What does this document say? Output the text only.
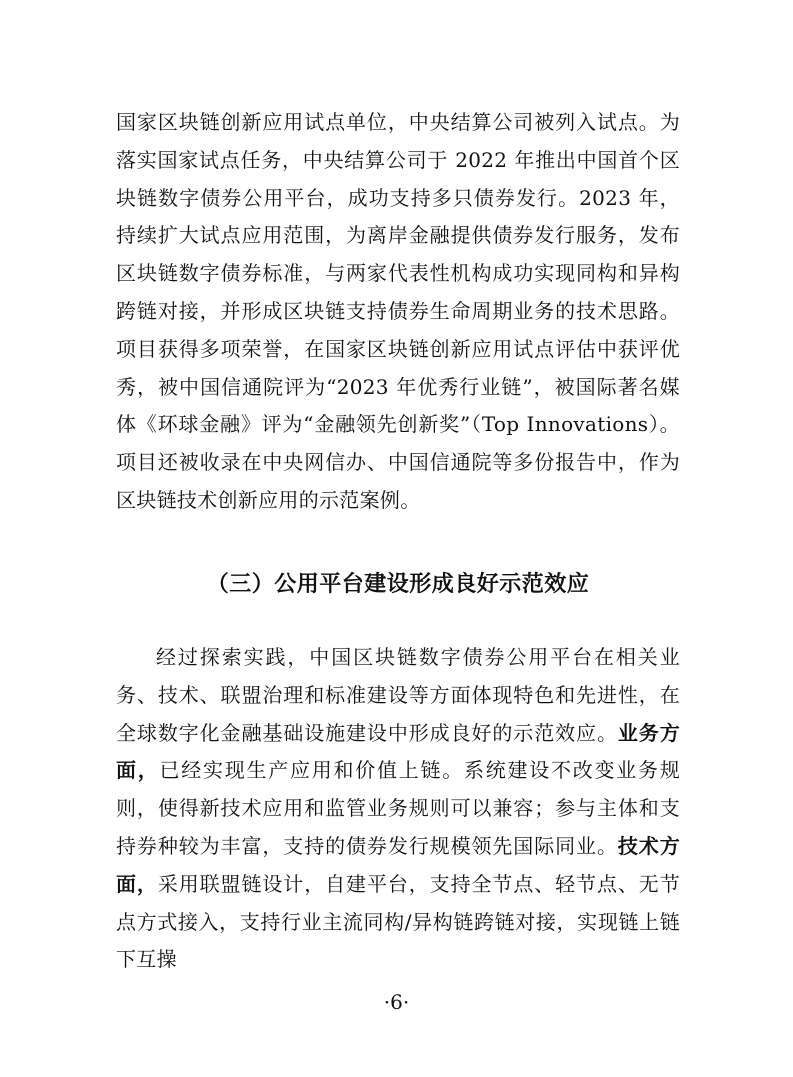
国家区块链创新应用试点单位，中央结算公司被列入试点。为落实国家试点任务，中央结算公司于 2022 年推出中国首个区块链数字债券公用平台，成功支持多只债券发行。2023 年，持续扩大试点应用范围，为离岸金融提供债券发行服务，发布区块链数字债券标准，与两家代表性机构成功实现同构和异构跨链对接，并形成区块链支持债券生命周期业务的技术思路。项目获得多项荣誉，在国家区块链创新应用试点评估中获评优秀，被中国信通院评为“2023 年优秀行业链”，被国际著名媒体《环球金融》评为“金融领先创新奖”（Top Innovations）。项目还被收录在中央网信办、中国信通院等多份报告中，作为区块链技术创新应用的示范案例。

（三）公用平台建设形成良好示范效应

经过探索实践，中国区块链数字债券公用平台在相关业务、技术、联盟治理和标准建设等方面体现特色和先进性，在全球数字化金融基础设施建设中形成良好的示范效应。业务方面，已经实现生产应用和价值上链。系统建设不改变业务规则，使得新技术应用和监管业务规则可以兼容；参与主体和支持券种较为丰富，支持的债券发行规模领先国际同业。技术方面，采用联盟链设计，自建平台，支持全节点、轻节点、无节点方式接入，支持行业主流同构/异构链跨链对接，实现链上链下互操

·6·
